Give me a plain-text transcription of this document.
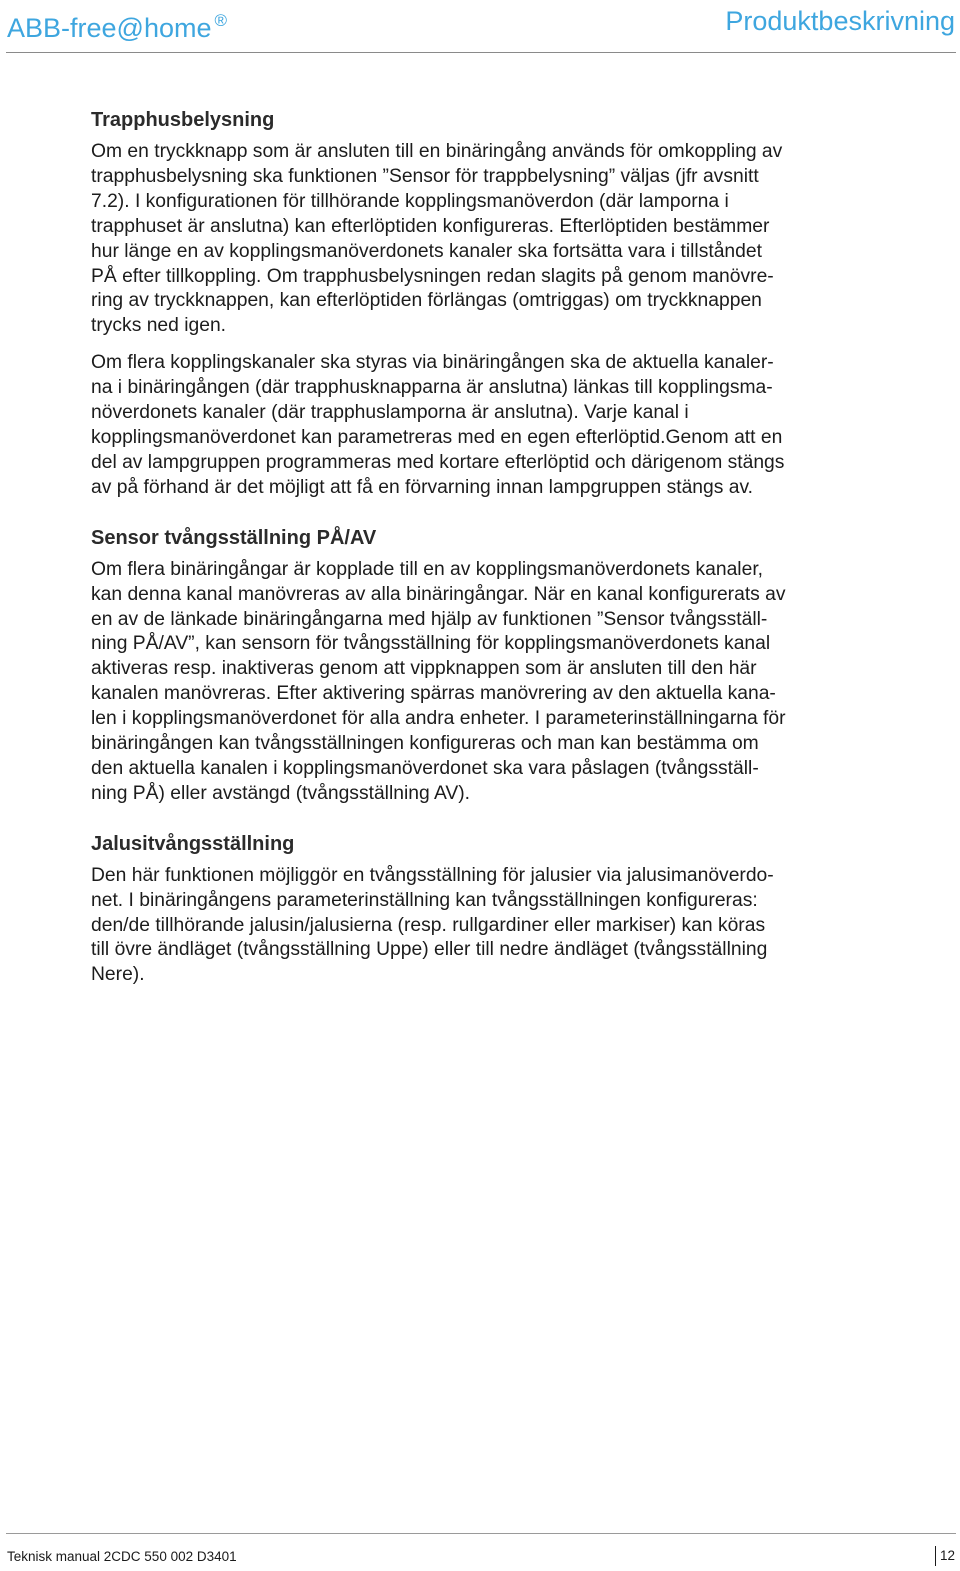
ABB-free@home ®	Produktbeskrivning
Trapphusbelysning
Om en tryckknapp som är ansluten till en binäringång används för omkoppling av
trapphusbelysning ska funktionen ”Sensor för trappbelysning” väljas (jfr avsnitt
7.2). I konfigurationen för tillhörande kopplingsmanöverdon (där lamporna i
trapphuset är anslutna) kan efterlöptiden konfigureras. Efterlöptiden bestämmer
hur länge en av kopplingsmanöverdonets kanaler ska fortsätta vara i tillståndet
PÅ efter tillkoppling. Om trapphusbelysningen redan slagits på genom manövre-
ring av tryckknappen, kan efterlöptiden förlängas (omtriggas) om tryckknappen
trycks ned igen.
Om flera kopplingskanaler ska styras via binäringången ska de aktuella kanaler-
na i binäringången (där trapphusknapparna är anslutna) länkas till kopplingsma-
növerdonets kanaler (där trapphuslamporna är anslutna). Varje kanal i
kopplingsmanöverdonet kan parametreras med en egen efterlöptid.Genom att en
del av lampgruppen programmeras med kortare efterlöptid och därigenom stängs
av på förhand är det möjligt att få en förvarning innan lampgruppen stängs av.
Sensor tvångsställning PÅ/AV
Om flera binäringångar är kopplade till en av kopplingsmanöverdonets kanaler,
kan denna kanal manövreras av alla binäringångar. När en kanal konfigurerats av
en av de länkade binäringångarna med hjälp av funktionen ”Sensor tvångsställ-
ning PÅ/AV”, kan sensorn för tvångsställning för kopplingsmanöverdonets kanal
aktiveras resp. inaktiveras genom att vippknappen som är ansluten till den här
kanalen manövreras. Efter aktivering spärras manövrering av den aktuella kana-
len i kopplingsmanöverdonet för alla andra enheter. I parameterinställningarna för
binäringången kan tvångsställningen konfigureras och man kan bestämma om
den aktuella kanalen i kopplingsmanöverdonet ska vara påslagen (tvångsställ-
ning PÅ) eller avstängd (tvångsställning AV).
Jalusitvångsställning
Den här funktionen möjliggör en tvångsställning för jalusier via jalusimanöverdo-
net. I binäringångens parameterinställning kan tvångsställningen konfigureras:
den/de tillhörande jalusin/jalusierna (resp. rullgardiner eller markiser) kan köras
till övre ändläget (tvångsställning Uppe) eller till nedre ändläget (tvångsställning
Nere).
Teknisk manual 2CDC 550 002 D3401	12
